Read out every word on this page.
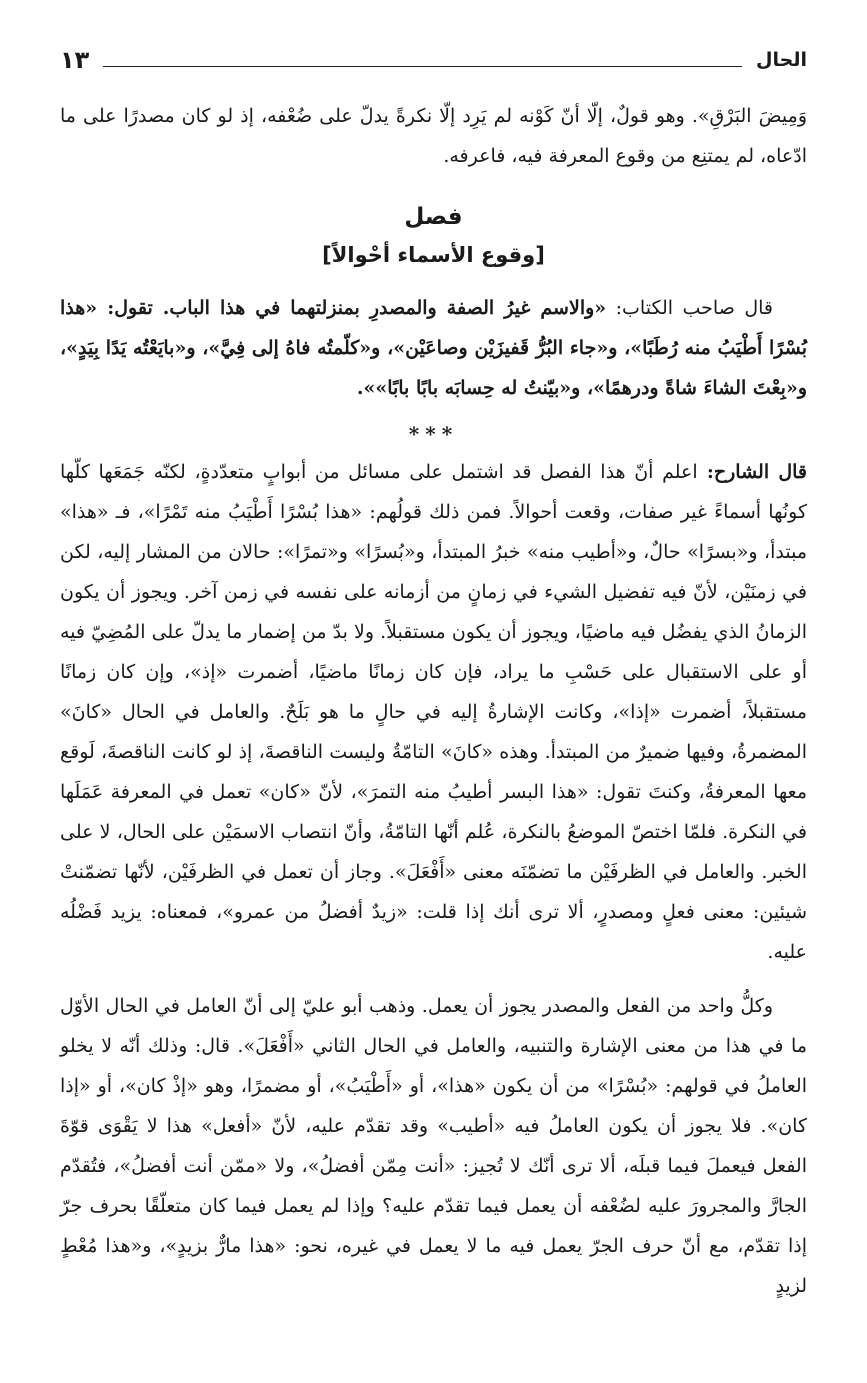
الحال
١٣

وَمِيضَ البَرْقِ». وهو قولٌ، إلّا أنّ كَوْنه لم يَرِد إلّا نكرةً يدلّ على ضُعْفه، إذ لو كان مصدرًا على ما ادّعاه، لم يمتنِع من وقوع المعرفة فيه، فاعرفه.

فصل
[وقوع الأسماء أحْوالاً]

قال صاحب الكتاب: «والاسم غيرُ الصفة والمصدرِ بمنزلتهما في هذا الباب. تقول: «هذا بُسْرًا أَطْيَبُ منه رُطَبًا»، و«جاء البُرُّ قَفيزَيْن وصاعَيْن»، و«كلّمتُه فاهُ إلى فِيَّ»، و«بايَعْتُه يَدًا بِيَدٍ»، و«بِعْتَ الشاءَ شاةً ودرهمًا»، و«بيّنتُ له حِسابَه بابًا بابًا»».

***

قال الشارح: اعلم أنّ هذا الفصل قد اشتمل على مسائل من أبوابٍ متعدّدةٍ، لكنّه جَمَعَها كلّها كونُها أسماءً غير صفات، وقعت أحوالاً. فمن ذلك قولُهم: «هذا بُسْرًا أَطْيَبُ منه تَمْرًا»، فـ «هذا» مبتدأ، و«بسرًا» حالٌ، و«أطيب منه» خبرُ المبتدأ، و«بُسرًا» و«تمرًا»: حالان من المشار إليه، لكن في زمنَيْن، لأنّ فيه تفضيل الشيء في زمانٍ من أزمانه على نفسه في زمن آخر. ويجوز أن يكون الزمانُ الذي يفضُل فيه ماضيًا، ويجوز أن يكون مستقبلاً. ولا بدّ من إضمار ما يدلّ على المُضِيّ فيه أو على الاستقبال على حَسْبِ ما يراد، فإن كان زمانًا ماضيًا، أضمرت «إذ»، وإن كان زمانًا مستقبلاً، أضمرت «إذا»، وكانت الإشارةُ إليه في حالٍ ما هو بَلَحٌ. والعامل في الحال «كانَ» المضمرةُ، وفيها ضميرٌ من المبتدأ. وهذه «كانَ» التامّةُ وليست الناقصةَ، إذ لو كانت الناقصةَ، لَوقع معها المعرفةُ، وكنتَ تقول: «هذا البسر أطيبُ منه التمرَ»، لأنّ «كان» تعمل في المعرفة عَمَلَها في النكرة. فلمّا اختصّ الموضعُ بالنكرة، عُلم أنّها التامّةُ، وأنّ انتصاب الاسمَيْن على الحال، لا على الخبر. والعامل في الظرفَيْن ما تضمّنَه معنى «أَفْعَلَ». وجاز أن تعمل في الظرفَيْن، لأنّها تضمّنتْ شيئين: معنى فعلٍ ومصدرٍ، ألا ترى أنك إذا قلت: «زيدٌ أفضلُ من عمرو»، فمعناه: يزيد فَضْلُه عليه.

وكلُّ واحد من الفعل والمصدر يجوز أن يعمل. وذهب أبو عليّ إلى أنّ العامل في الحال الأوّل ما في هذا من معنى الإشارة والتنبيه، والعامل في الحال الثاني «أَفْعَلَ». قال: وذلك أنّه لا يخلو العاملُ في قولهم: «بُسْرًا» من أن يكون «هذا»، أو «أَطْيَبُ»، أو مضمرًا، وهو «إذْ كان»، أو «إذا كان». فلا يجوز أن يكون العاملُ فيه «أطيب» وقد تقدّم عليه، لأنّ «أفعل» هذا لا يَقْوَى قوّةَ الفعل فيعملَ فيما قبلَه، ألا ترى أنّك لا تُجيز: «أنت مِمّن أفضلُ»، ولا «ممّن أنت أفضلُ»، فتُقدّم الجارَّ والمجرورَ عليه لضُعْفه أن يعمل فيما تقدّم عليه؟ وإذا لم يعمل فيما كان متعلّقًا بحرف جرّ إذا تقدّم، مع أنّ حرف الجرّ يعمل فيه ما لا يعمل في غيره، نحو: «هذا مارٌّ بزيدٍ»، و«هذا مُعْطٍ لزيدٍ
